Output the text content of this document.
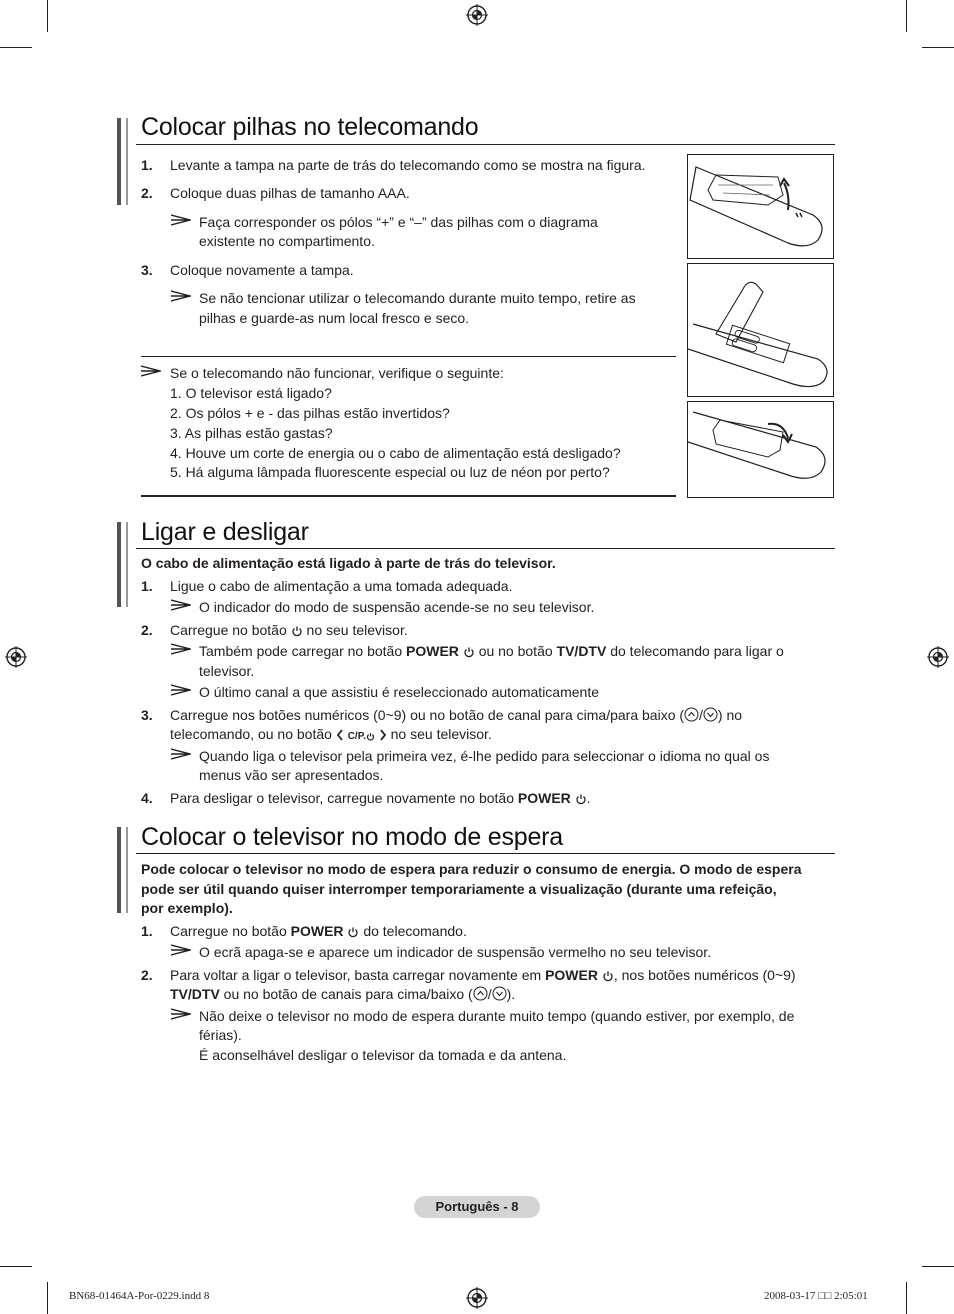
Colocar pilhas no telecomando
1. Levante a tampa na parte de trás do telecomando como se mostra na figura.
2. Coloque duas pilhas de tamanho AAA.
Faça corresponder os pólos “+” e “–” das pilhas com o diagrama
existente no compartimento.
3. Coloque novamente a tampa.
Se não tencionar utilizar o telecomando durante muito tempo, retire as
pilhas e guarde-as num local fresco e seco.
Se o telecomando não funcionar, verifique o seguinte:
1. O televisor está ligado?
2. Os pólos + e - das pilhas estão invertidos?
3. As pilhas estão gastas?
4. Houve um corte de energia ou o cabo de alimentação está desligado?
5. Há alguma lâmpada fluorescente especial ou luz de néon por perto?
Ligar e desligar
O cabo de alimentação está ligado à parte de trás do televisor.
1. Ligue o cabo de alimentação a uma tomada adequada.
O indicador do modo de suspensão acende-se no seu televisor.
2. Carregue no botão no seu televisor.
Também pode carregar no botão POWER ou no botão TV/DTV do telecomando para ligar o
televisor.
O último canal a que assistiu é reseleccionado automaticamente
3. Carregue nos botões numéricos (0~9) ou no botão de canal para cima/para baixo ( / ) no
telecomando, ou no botão C/P. no seu televisor.
Quando liga o televisor pela primeira vez, é-lhe pedido para seleccionar o idioma no qual os
menus vão ser apresentados.
4. Para desligar o televisor, carregue novamente no botão POWER .
Colocar o televisor no modo de espera
Pode colocar o televisor no modo de espera para reduzir o consumo de energia. O modo de espera
pode ser útil quando quiser interromper temporariamente a visualização (durante uma refeição,
por exemplo).
1. Carregue no botão POWER do telecomando.
O ecrã apaga-se e aparece um indicador de suspensão vermelho no seu televisor.
2. Para voltar a ligar o televisor, basta carregar novamente em POWER , nos botões numéricos (0~9)
TV/DTV ou no botão de canais para cima/baixo ( / ).
Não deixe o televisor no modo de espera durante muito tempo (quando estiver, por exemplo, de
férias).
É aconselhável desligar o televisor da tomada e da antena.
Português - 8
BN68-01464A-Por-0229.indd 8	2008-03-17 □□ 2:05:01
